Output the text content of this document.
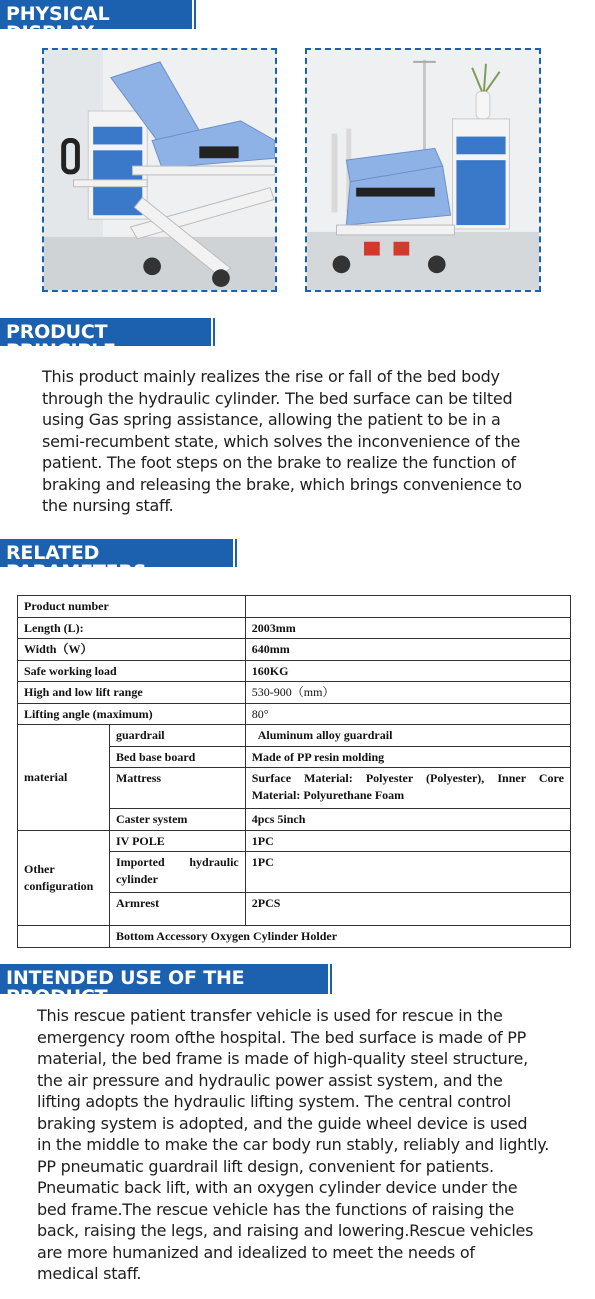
PHYSICAL DISPLAY
PRODUCT PRINCIPLE
This product mainly realizes the rise or fall of the bed body
through the hydraulic cylinder. The bed surface can be tilted
using Gas spring assistance, allowing the patient to be in a
semi-recumbent state, which solves the inconvenience of the
patient. The foot steps on the brake to realize the function of
braking and releasing the brake, which brings convenience to
the nursing staff.
RELATED PARAMETERS
Product number		
Length (L):		2003mm
Width（W）		640mm
Safe working load		160KG
High and low lift range		530-900（mm）
Lifting angle (maximum)		80°
material	guardrail	Aluminum alloy guardrail
	Bed base board	Made of PP resin molding
	Mattress	Surface Material: Polyester (Polyester), Inner Core Material: Polyurethane Foam
	Caster system	4pcs 5inch
Other configuration	IV POLE	1PC
	Imported hydraulic cylinder	1PC
	Armrest	2PCS
	Bottom Accessory Oxygen Cylinder Holder	
INTENDED USE OF THE PRODUCT
This rescue patient transfer vehicle is used for rescue in the
emergency room ofthe hospital. The bed surface is made of PP
material, the bed frame is made of high-quality steel structure,
the air pressure and hydraulic power assist system, and the
lifting adopts the hydraulic lifting system. The central control
braking system is adopted, and the guide wheel device is used
in the middle to make the car body run stably, reliably and lightly.
PP pneumatic guardrail lift design, convenient for patients.
Pneumatic back lift, with an oxygen cylinder device under the
bed frame.The rescue vehicle has the functions of raising the
back, raising the legs, and raising and lowering.Rescue vehicles
are more humanized and idealized to meet the needs of
medical staff.
